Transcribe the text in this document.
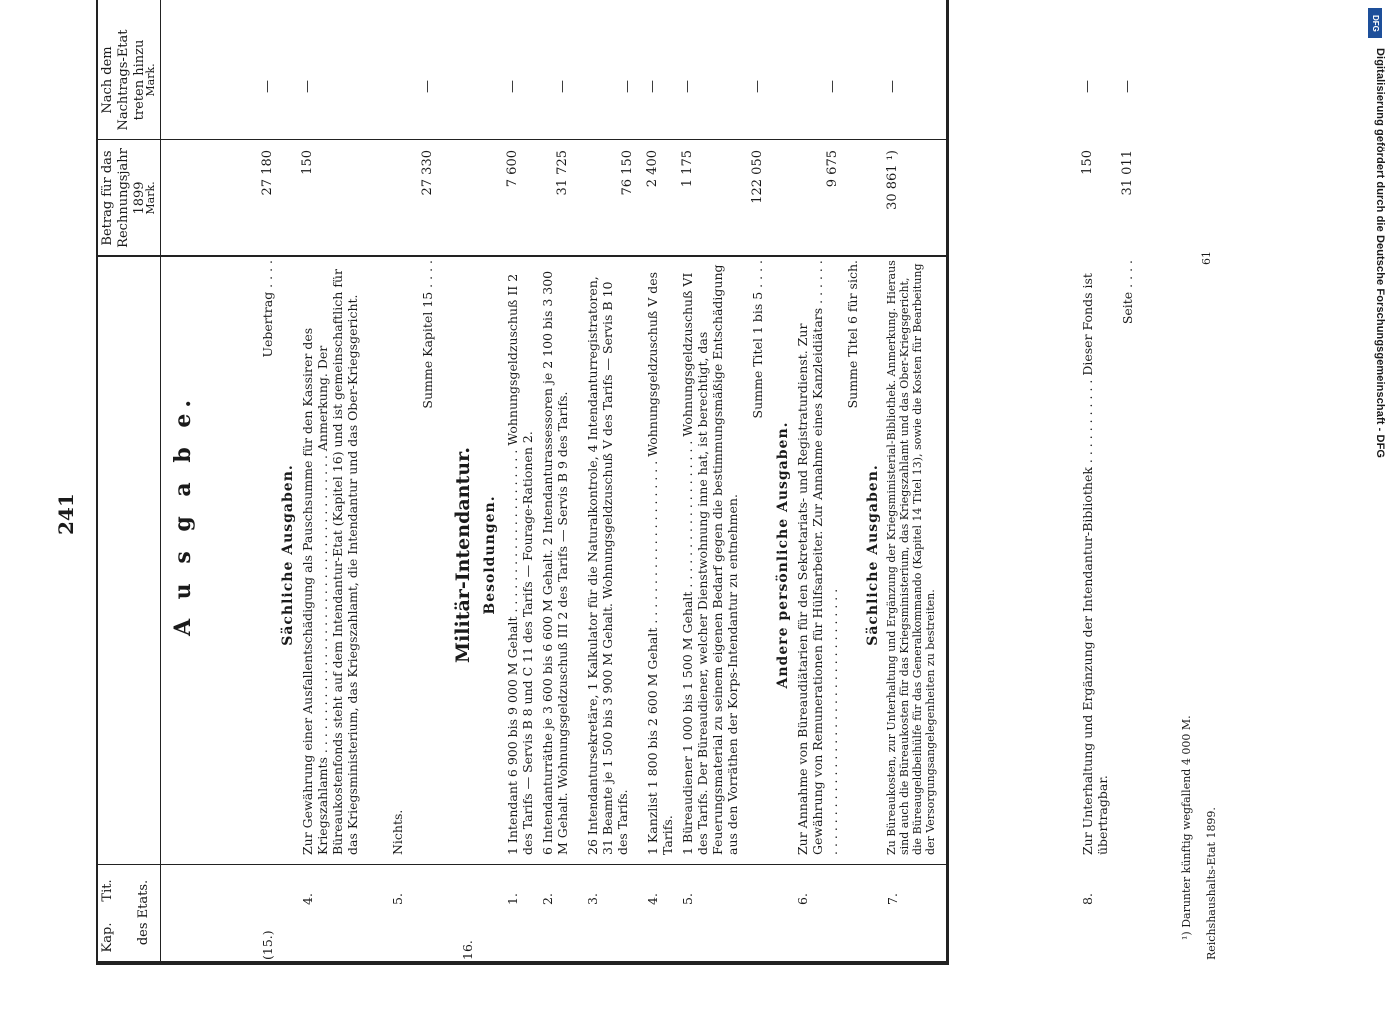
241
Kap.
Tit. des Etats.
Betrag für das Rechnungsjahr 1899
Mark.
Nach dem Nachtrags-Etat treten hinzu
Mark.
A u s g a b e.
(15.)
Uebertrag . . . .
27 180
—
Sächliche Ausgaben.
4.
Zur Gewährung einer Ausfallentschädigung als Pauschsumme für den Kassirer des Kriegszahlamts . . . . . . . . . . . . . . . . . . . . . . . . . . . . . . . . . . . . . . Anmerkung. Der Büreaukostenfonds steht auf dem Intendantur-Etat (Kapitel 16) und ist gemeinschaftlich für das Kriegsministerium, das Kriegszahlamt, die Intendantur und das Ober-Kriegsgericht.
150
—
5.
Nichts.
Summe Kapitel 15 . . . .
27 330
—
16.
Militär-Intendantur. Besoldungen.
1.
1 Intendant 6 900 bis 9 000 M Gehalt . . . . . . . . . . . . . . . . . . . . . Wohnungsgeldzuschuß II 2 des Tarifs — Servis B 8 und C 11 des Tarifs — Fourage-Rationen 2.
7 600
—
2.
6 Intendanturräthe je 3 600 bis 6 600 M Gehalt. 2 Intendanturassessoren je 2 100 bis 3 300 M Gehalt. Wohnungsgeldzuschuß III 2 des Tarifs — Servis B 9 des Tarifs.
31 725
—
3.
26 Intendantursekretäre, 1 Kalkulator für die Naturalkontrole, 4 Intendanturregistratoren, 31 Beamte je 1 500 bis 3 900 M Gehalt. Wohnungsgeldzuschuß V des Tarifs — Servis B 10 des Tarifs.
76 150
—
4.
1 Kanzlist 1 800 bis 2 600 M Gehalt . . . . . . . . . . . . . . . . . . . . . Wohnungsgeldzuschuß V des Tarifs.
2 400
—
5.
1 Büreaudiener 1 000 bis 1 500 M Gehalt . . . . . . . . . . . . . . . . . . . Wohnungsgeldzuschuß VI des Tarifs. Der Büreaudiener, welcher Dienstwohnung inne hat, ist berechtigt, das Feuerungsmaterial zu seinem eigenen Bedarf gegen die bestimmungsmäßige Entschädigung aus den Vorräthen der Korps-Intendantur zu entnehmen.
1 175
—
Summe Titel 1 bis 5 . . . .
122 050
—
Andere persönliche Ausgaben.
6.
Zur Annahme von Büreaudiätarien für den Sekretariats- und Registraturdienst. Zur Gewährung von Remunerationen für Hülfsarbeiter. Zur Annahme eines Kanzleidiätars . . . . . . . . . . . . . . . . . . . . . . . . . . . . . . . . . . . . . . . .
9 675
—
Summe Titel 6 für sich.
Sächliche Ausgaben.
7.
30 861 ¹)
—
Zu Büreaukosten, zur Unterhaltung und Ergänzung der Kriegsministerial-Bibliothek. Anmerkung. Hieraus sind auch die Büreaukosten für das Kriegsministerium, das Kriegszahlamt und das Ober-Kriegsgericht, die Büreaugeldbeihülfe für das Generalkommando (Kapitel 14 Titel 13), sowie die Kosten für Bearbeitung der Versorgungsangelegenheiten zu bestreiten.
8.
Zur Unterhaltung und Ergänzung der Intendantur-Bibliothek . . . . . . . . . . . Dieser Fonds ist übertragbar.
150
—
Seite . . . .
31 011
—
¹) Darunter künftig wegfallend 4 000 M. Reichshaushalts-Etat 1899.
61
DFG
Digitalisierung gefördert durch die Deutsche Forschungsgemeinschaft - DFG
